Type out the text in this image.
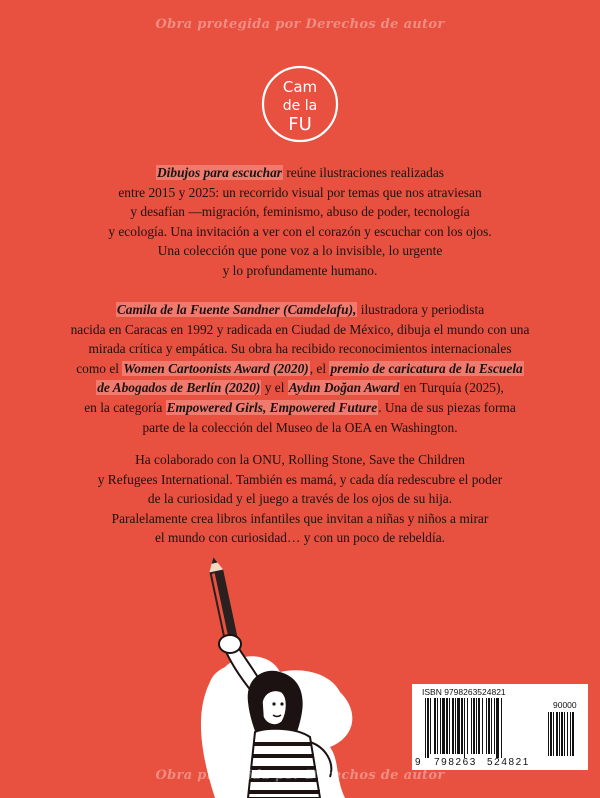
Obra protegida por Derechos de autor
Cam
de la
FU

Dibujos para escuchar reúne ilustraciones realizadas

entre 2015 y 2025: un recorrido visual por temas que nos atraviesan

y desafían —migración, feminismo, abuso de poder, tecnología

y ecología. Una invitación a ver con el corazón y escuchar con los ojos.

Una colección que pone voz a lo invisible, lo urgente

y lo profundamente humano.

Camila de la Fuente Sandner (Camdelafu), ilustradora y periodista

nacida en Caracas en 1992 y radicada en Ciudad de México, dibuja el mundo con una

mirada crítica y empática. Su obra ha recibido reconocimientos internacionales

como el Women Cartoonists Award (2020), el premio de caricatura de la Escuela

de Abogados de Berlín (2020) y el Aydın Doğan Award en Turquía (2025),

en la categoría Empowered Girls, Empowered Future. Una de sus piezas forma

parte de la colección del Museo de la OEA en Washington.

Ha colaborado con la ONU, Rolling Stone, Save the Children

y Refugees International. También es mamá, y cada día redescubre el poder

de la curiosidad y el juego a través de los ojos de su hija.

Paralelamente crea libros infantiles que invitan a niñas y niños a mirar

el mundo con curiosidad… y con un poco de rebeldía.

ISBN 9798263524821
90000
9 798263 524821
Obra protegida por Derechos de autor
